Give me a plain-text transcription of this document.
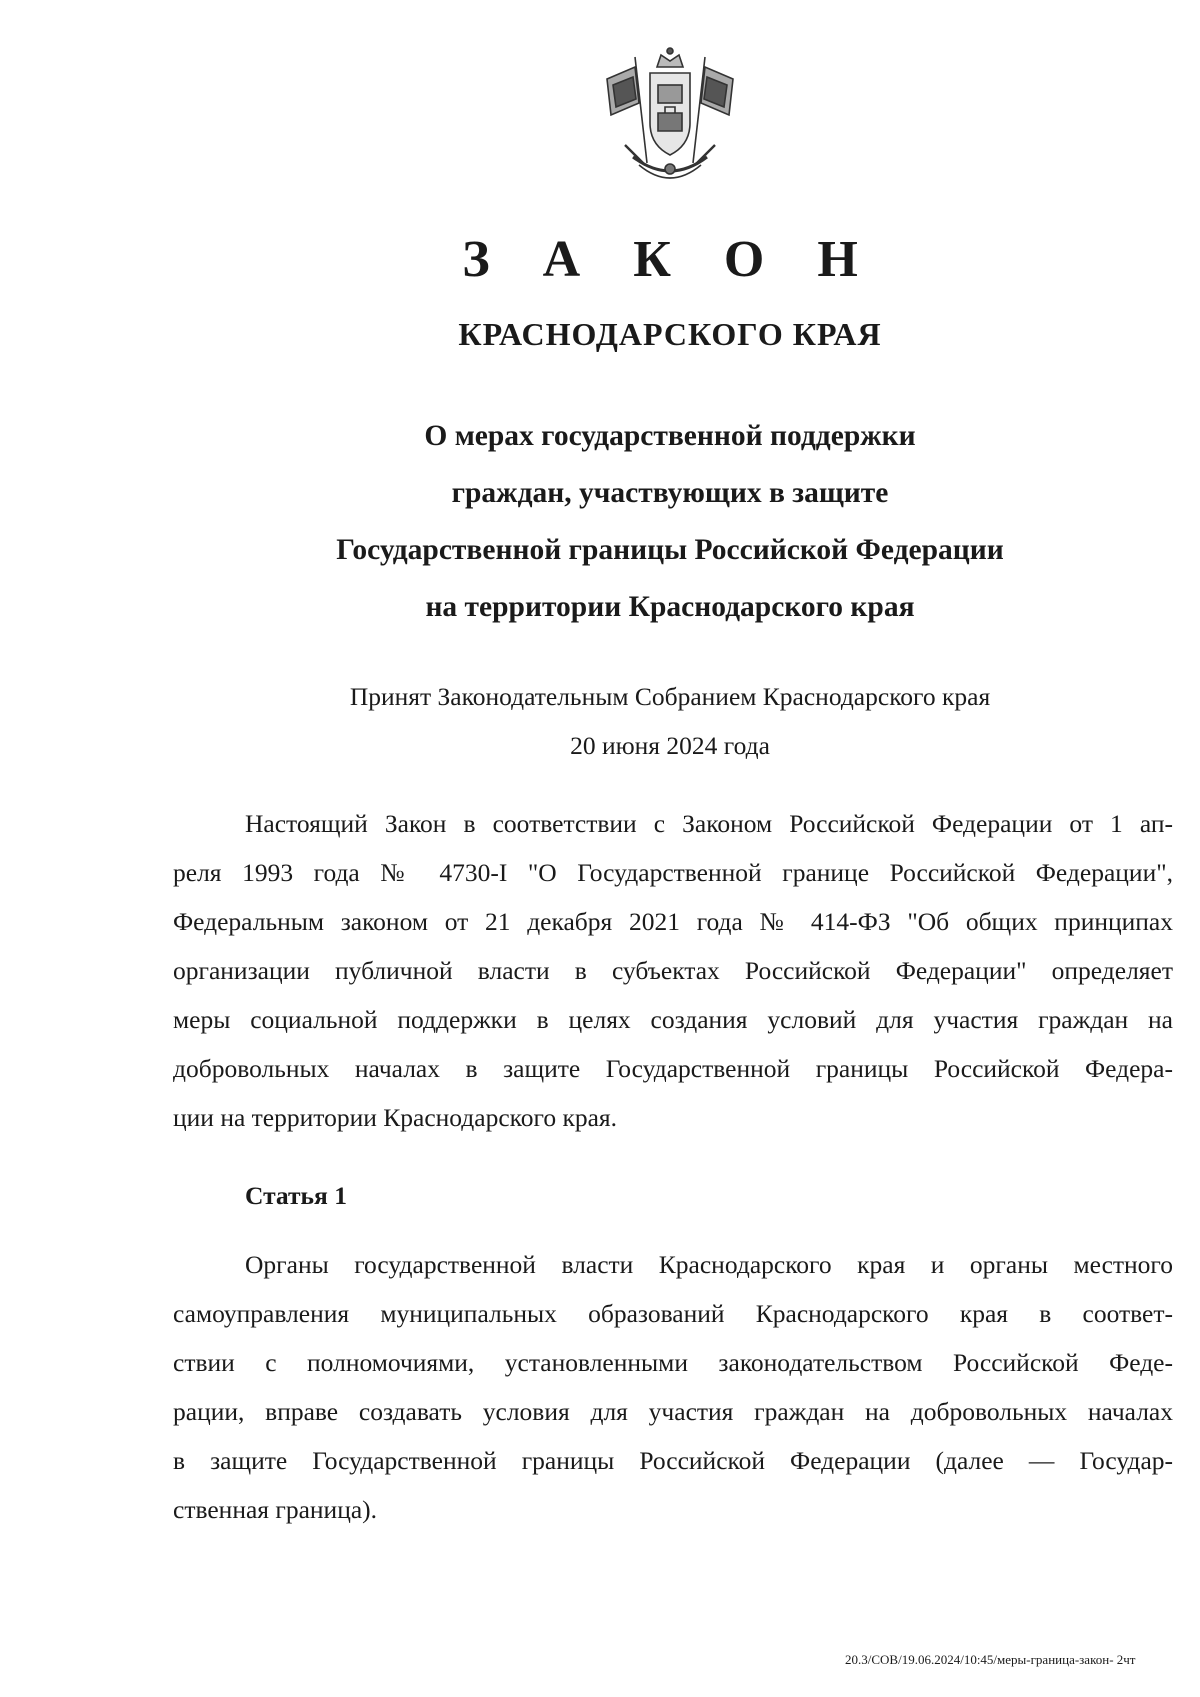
З А К О Н
КРАСНОДАРСКОГО КРАЯ
О мерах государственной поддержки
граждан, участвующих в защите
Государственной границы Российской Федерации
на территории Краснодарского края
Принят Законодательным Собранием Краснодарского края
20 июня 2024 года
Настоящий Закон в соответствии с Законом Российской Федерации от 1 ап-
реля 1993 года № 4730-I "О Государственной границе Российской Федерации",
Федеральным законом от 21 декабря 2021 года № 414-ФЗ "Об общих принципах
организации публичной власти в субъектах Российской Федерации" определяет
меры социальной поддержки в целях создания условий для участия граждан на
добровольных началах в защите Государственной границы Российской Федера-
ции на территории Краснодарского края.
Статья 1
Органы государственной власти Краснодарского края и органы местного
самоуправления муниципальных образований Краснодарского края в соответ-
ствии с полномочиями, установленными законодательством Российской Феде-
рации, вправе создавать условия для участия граждан на добровольных началах
в защите Государственной границы Российской Федерации (далее — Государ-
ственная граница).
20.3/СОВ/19.06.2024/10:45/меры-граница-закон- 2чт
